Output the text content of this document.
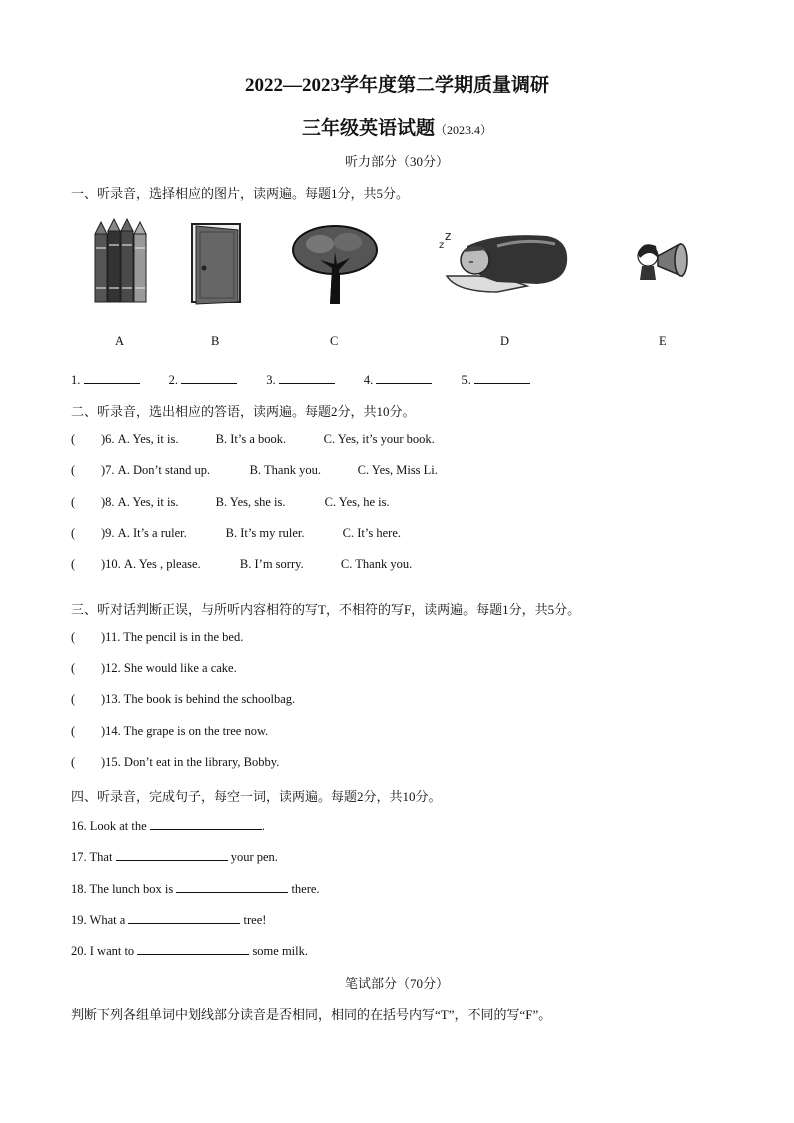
2022—2023学年度第二学期质量调研
三年级英语试题（2023.4）
听力部分（30分）
一、听录音，选择相应的图片，读两遍。每题1分，共5分。
z
z
A	B	C	D	E
1.	2.	3.	4.	5.
二、听录音，选出相应的答语，读两遍。每题2分，共10分。
( )6. A. Yes, it is.	B. It’s a book.	C. Yes, it’s your book.
( )7. A. Don’t stand up.	B. Thank you.	C. Yes, Miss Li.
( )8. A. Yes, it is.	B. Yes, she is.	C. Yes, he is.
( )9. A. It’s a ruler.	B. It’s my ruler.	C. It’s here.
( )10. A. Yes , please.	B. I’m sorry.	C. Thank you.
三、听对话判断正误，与所听内容相符的写T，不相符的写F，读两遍。每题1分，共5分。
( )11. The pencil is in the bed.
( )12. She would like a cake.
( )13. The book is behind the schoolbag.
( )14. The grape is on the tree now.
( )15. Don’t eat in the library, Bobby.
四、听录音，完成句子，每空一词，读两遍。每题2分，共10分。
16. Look at the	.
17. That	your pen.
18. The lunch box is	there.
19. What a	tree!
20. I want to	some milk.
笔试部分（70分）
判断下列各组单词中划线部分读音是否相同，相同的在括号内写“T”，不同的写“F”。
